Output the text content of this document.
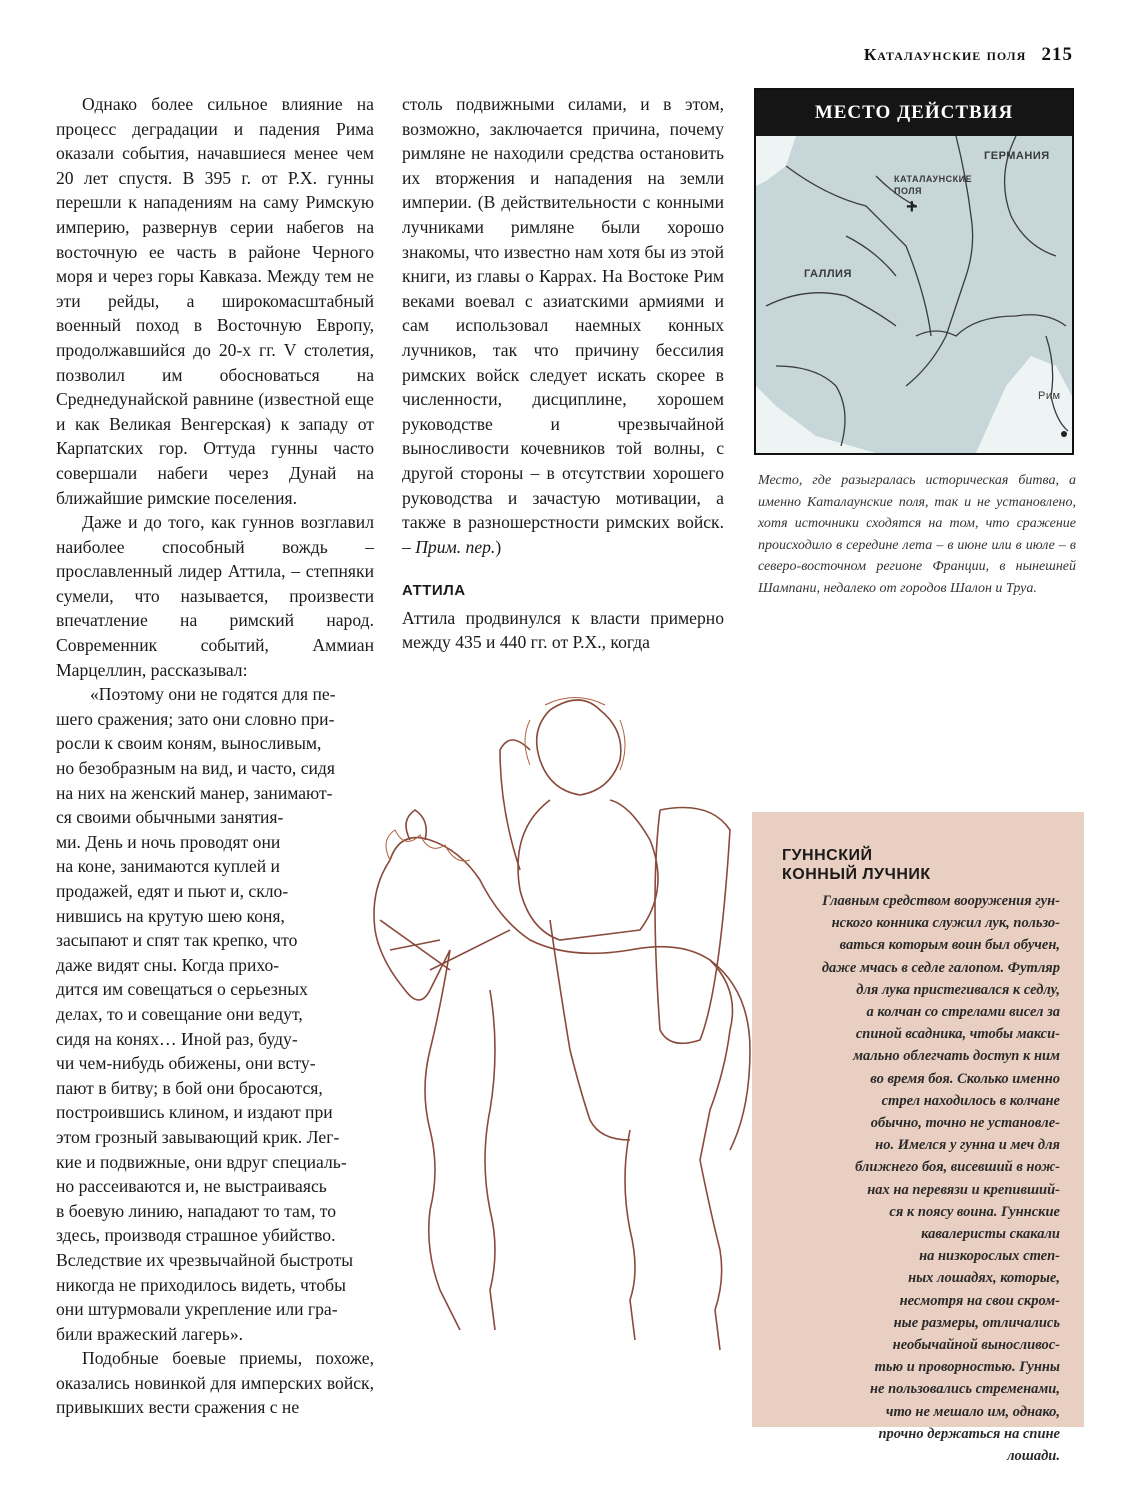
Каталаунские поля 215

Однако более сильное влияние на процесс деградации и падения Рима оказали события, начавшиеся менее чем 20 лет спустя. В 395 г. от Р.Х. гунны перешли к нападениям на саму Римскую империю, развернув серии набегов на восточную ее часть в районе Черного моря и через горы Кавказа. Между тем не эти рейды, а широкомасштабный военный поход в Восточную Европу, продолжавшийся до 20-х гг. V столетия, позволил им обосноваться на Среднедунайской равнине (известной еще и как Великая Венгерская) к западу от Карпатских гор. Оттуда гунны часто совершали набеги через Дунай на ближайшие римские поселения.

Даже и до того, как гуннов возглавил наиболее способный вождь – прославленный лидер Аттила, – степняки сумели, что называется, произвести впечатление на римский народ. Современник событий, Аммиан Марцеллин, рассказывал:

«Поэтому они не годятся для пе-
шего сражения; зато они словно при-
росли к своим коням, выносливым,
но безобразным на вид, и часто, сидя
на них на женский манер, занимают-
ся своими обычными занятия-
ми. День и ночь проводят они
на коне, занимаются куплей и
продажей, едят и пьют и, скло-
нившись на крутую шею коня,
засыпают и спят так крепко, что
даже видят сны. Когда прихо-
дится им совещаться о серьезных
делах, то и совещание они ведут,
сидя на конях… Иной раз, буду-
чи чем-нибудь обижены, они всту-
пают в битву; в бой они бросаются,
построившись клином, и издают при
этом грозный завывающий крик. Лег-
кие и подвижные, они вдруг специаль-
но рассеиваются и, не выстраиваясь
в боевую линию, нападают то там, то
здесь, производя страшное убийство.
Вследствие их чрезвычайной быстроты
никогда не приходилось видеть, чтобы
они штурмовали укрепление или гра-
били вражеский лагерь».

Подобные боевые приемы, похоже, оказались новинкой для имперских войск, привыкших вести сражения с не

столь подвижными силами, и в этом, возможно, заключается причина, почему римляне не находили средства остановить их вторжения и нападения на земли империи. (В действительности с конными лучниками римляне были хорошо знакомы, что известно нам хотя бы из этой книги, из главы о Каррах. На Востоке Рим веками воевал с азиатскими армиями и сам использовал наемных конных лучников, так что причину бессилия римских войск следует искать скорее в численности, дисциплине, хорошем руководстве и чрезвычайной выносливости кочевников той волны, с другой стороны – в отсутствии хорошего руководства и зачастую мотивации, а также в разношерстности римских войск. – Прим. пер.)

АТТИЛА

Аттила продвинулся к власти примерно между 435 и 440 гг. от Р.Х., когда

МЕСТО ДЕЙСТВИЯ
+
ГЕРМАНИЯ
КАТАЛАУНСКИЕ
ПОЛЯ
ГАЛЛИЯ
Рим
Место, где разыгралась историческая битва, а именно Каталаунские поля, так и не установлено, хотя источники сходятся на том, что сражение происходило в середине лета – в июне или в июле – в северо-восточном регионе Франции, в нынешней Шампани, недалеко от городов Шалон и Труа.
ГУННСКИЙ
КОННЫЙ ЛУЧНИК
Главным средством вооружения гун-
нского конника служил лук, пользо-
ваться которым воин был обучен,
даже мчась в седле галопом. Футляр
для лука пристегивался к седлу,
а колчан со стрелами висел за
спиной всадника, чтобы макси-
мально облегчать доступ к ним
во время боя. Сколько именно
стрел находилось в колчане
обычно, точно не установле-
но. Имелся у гунна и меч для
ближнего боя, висевший в нож-
нах на перевязи и крепивший-
ся к поясу воина. Гуннские
кавалеристы скакали
на низкорослых степ-
ных лошадях, которые,
несмотря на свои скром-
ные размеры, отличались
необычайной выносливос-
тью и проворностью. Гунны
не пользовались стременами,
что не мешало им, однако,
прочно держаться на спине
лошади.
